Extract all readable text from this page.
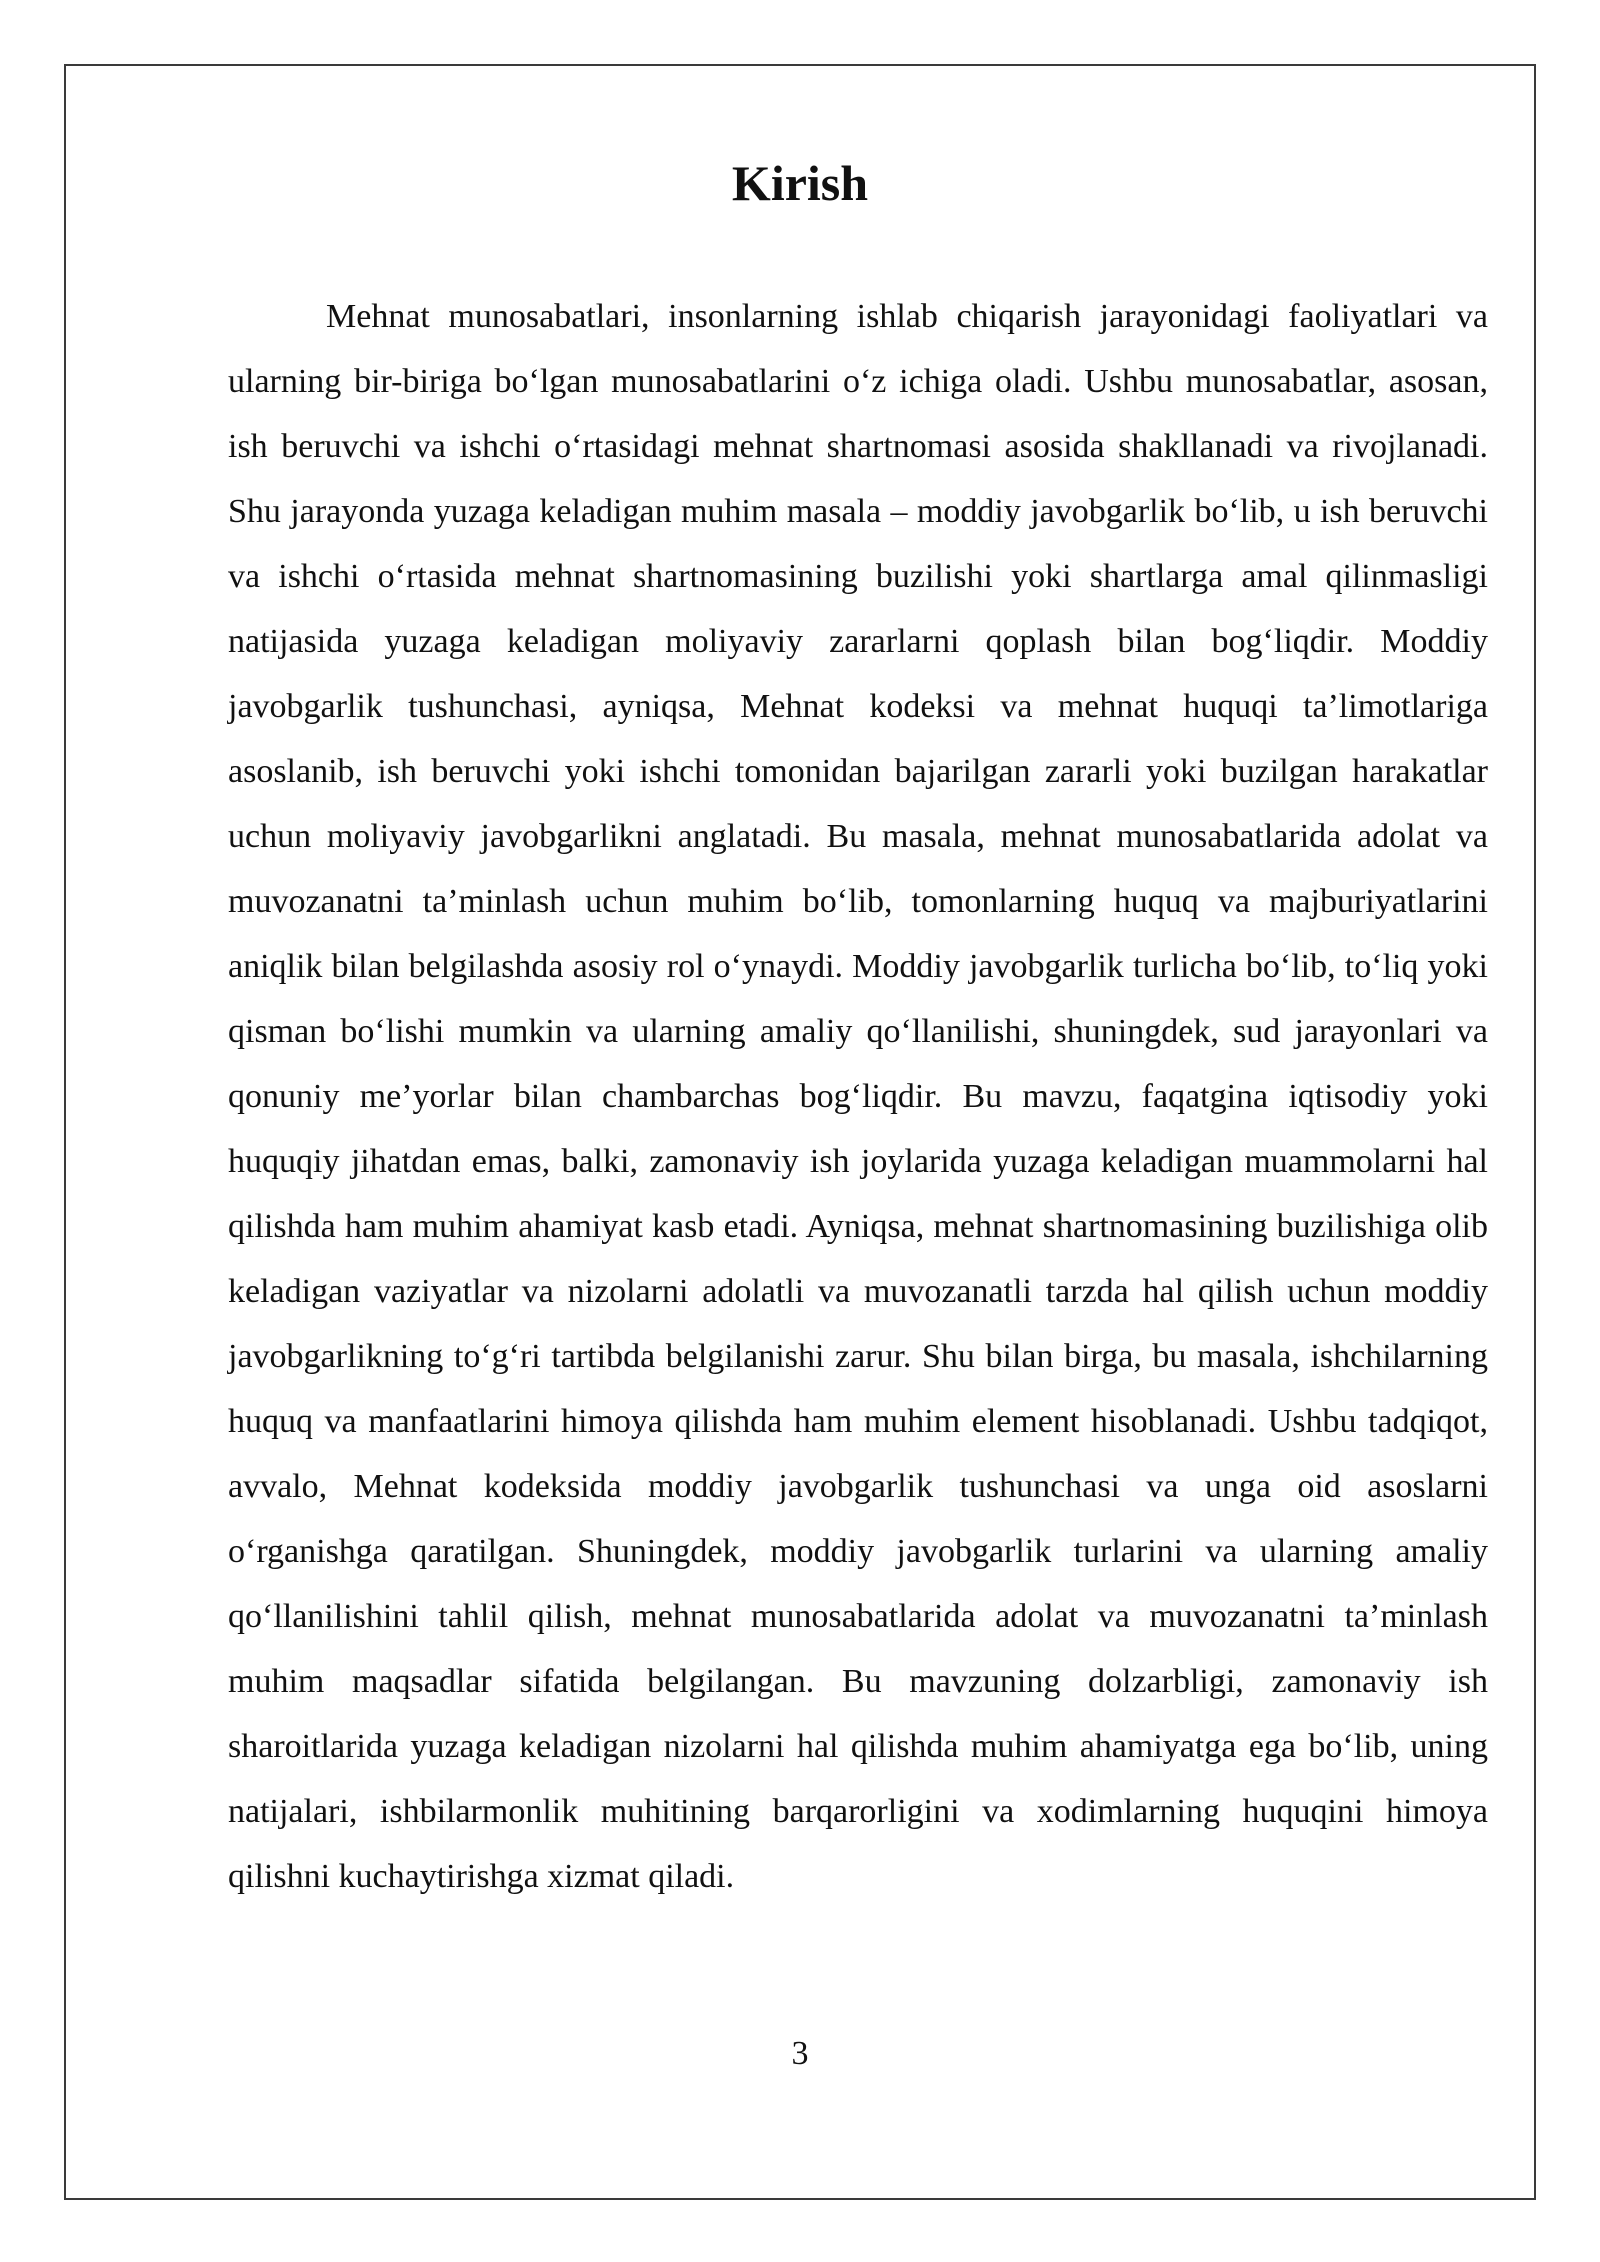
Kirish

Mehnat munosabatlari, insonlarning ishlab chiqarish jarayonidagi faoliyatlari va ularning bir-biriga bo‘lgan munosabatlarini o‘z ichiga oladi. Ushbu munosabatlar, asosan, ish beruvchi va ishchi o‘rtasidagi mehnat shartnomasi asosida shakllanadi va rivojlanadi. Shu jarayonda yuzaga keladigan muhim masala – moddiy javobgarlik bo‘lib, u ish beruvchi va ishchi o‘rtasida mehnat shartnomasining buzilishi yoki shartlarga amal qilinmasligi natijasida yuzaga keladigan moliyaviy zararlarni qoplash bilan bog‘liqdir. Moddiy javobgarlik tushunchasi, ayniqsa, Mehnat kodeksi va mehnat huquqi ta’limotlariga asoslanib, ish beruvchi yoki ishchi tomonidan bajarilgan zararli yoki buzilgan harakatlar uchun moliyaviy javobgarlikni anglatadi. Bu masala, mehnat munosabatlarida adolat va muvozanatni ta’minlash uchun muhim bo‘lib, tomonlarning huquq va majburiyatlarini aniqlik bilan belgilashda asosiy rol o‘ynaydi. Moddiy javobgarlik turlicha bo‘lib, to‘liq yoki qisman bo‘lishi mumkin va ularning amaliy qo‘llanilishi, shuningdek, sud jarayonlari va qonuniy me’yorlar bilan chambarchas bog‘liqdir. Bu mavzu, faqatgina iqtisodiy yoki huquqiy jihatdan emas, balki, zamonaviy ish joylarida yuzaga keladigan muammolarni hal qilishda ham muhim ahamiyat kasb etadi. Ayniqsa, mehnat shartnomasining buzilishiga olib keladigan vaziyatlar va nizolarni adolatli va muvozanatli tarzda hal qilish uchun moddiy javobgarlikning to‘g‘ri tartibda belgilanishi zarur. Shu bilan birga, bu masala, ishchilarning huquq va manfaatlarini himoya qilishda ham muhim element hisoblanadi. Ushbu tadqiqot, avvalo, Mehnat kodeksida moddiy javobgarlik tushunchasi va unga oid asoslarni o‘rganishga qaratilgan. Shuningdek, moddiy javobgarlik turlarini va ularning amaliy qo‘llanilishini tahlil qilish, mehnat munosabatlarida adolat va muvozanatni ta’minlash muhim maqsadlar sifatida belgilangan. Bu mavzuning dolzarbligi, zamonaviy ish sharoitlarida yuzaga keladigan nizolarni hal qilishda muhim ahamiyatga ega bo‘lib, uning natijalari, ishbilarmonlik muhitining barqarorligini va xodimlarning huquqini himoya qilishni kuchaytirishga xizmat qiladi.

3
